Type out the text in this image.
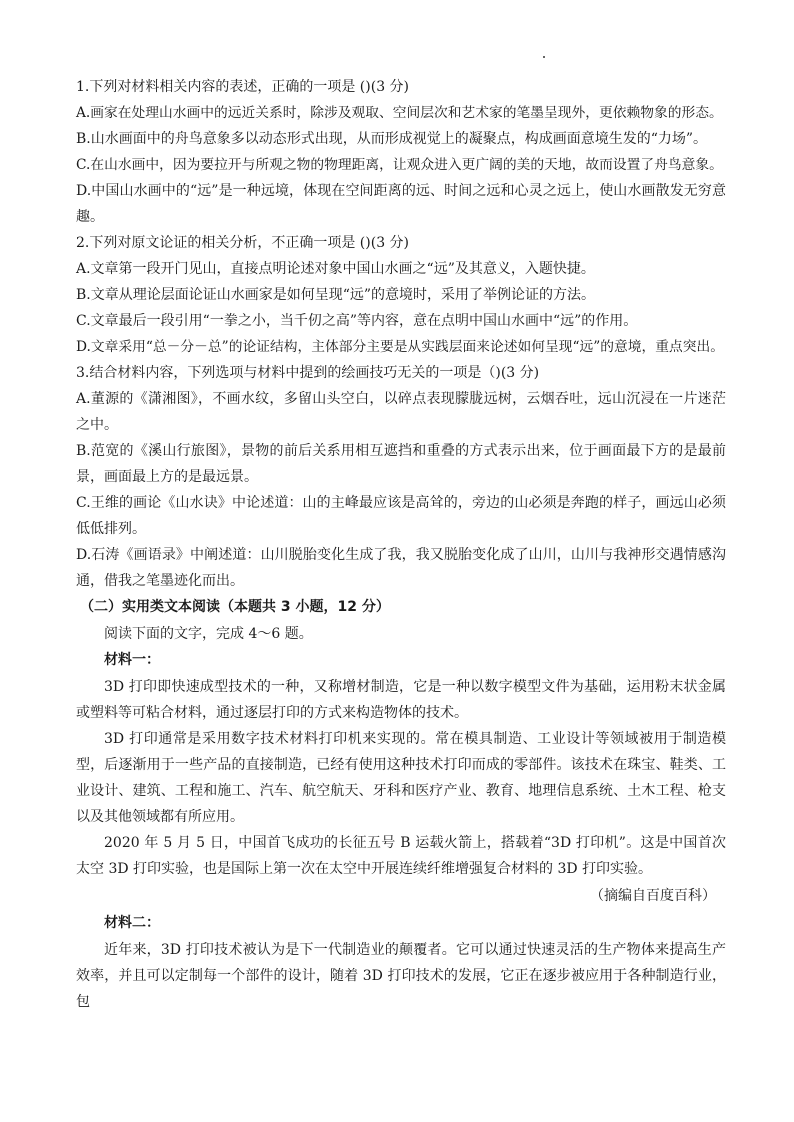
1.下列对材料相关内容的表述，正确的一项是 ()(3 分)
A.画家在处理山水画中的远近关系时，除涉及观取、空间层次和艺术家的笔墨呈现外，更依赖物象的形态。
B.山水画面中的舟鸟意象多以动态形式出现，从而形成视觉上的凝聚点，构成画面意境生发的“力场”。
C.在山水画中，因为要拉开与所观之物的物理距离，让观众进入更广阔的美的天地，故而设置了舟鸟意象。
D.中国山水画中的“远”是一种远境，体现在空间距离的远、时间之远和心灵之远上，使山水画散发无穷意趣。
2.下列对原文论证的相关分析，不正确一项是 ()(3 分)
A.文章第一段开门见山，直接点明论述对象中国山水画之“远”及其意义，入题快捷。
B.文章从理论层面论证山水画家是如何呈现“远”的意境时，采用了举例论证的方法。
C.文章最后一段引用“一拳之小，当千仞之高”等内容，意在点明中国山水画中“远”的作用。
D.文章采用“总－分－总”的论证结构，主体部分主要是从实践层面来论述如何呈现“远”的意境，重点突出。
3.结合材料内容，下列选项与材料中提到的绘画技巧无关的一项是（)(3 分)
A.董源的《潇湘图》，不画水纹，多留山头空白，以碎点表现朦胧远树，云烟吞吐，远山沉浸在一片迷茫之中。
B.范宽的《溪山行旅图》，景物的前后关系用相互遮挡和重叠的方式表示出来，位于画面最下方的是最前景，画面最上方的是最远景。
C.王维的画论《山水诀》中论述道：山的主峰最应该是高耸的，旁边的山必须是奔跑的样子，画远山必须低低排列。
D.石涛《画语录》中阐述道：山川脱胎变化生成了我，我又脱胎变化成了山川，山川与我神形交遇情感沟通，借我之笔墨迹化而出。
（二）实用类文本阅读（本题共 3 小题，12 分）
阅读下面的文字，完成 4～6 题。
材料一：
3D 打印即快速成型技术的一种，又称增材制造，它是一种以数字模型文件为基础，运用粉末状金属或塑料等可粘合材料，通过逐层打印的方式来构造物体的技术。
3D 打印通常是采用数字技术材料打印机来实现的。常在模具制造、工业设计等领域被用于制造模型，后逐渐用于一些产品的直接制造，已经有使用这种技术打印而成的零部件。该技术在珠宝、鞋类、工业设计、建筑、工程和施工、汽车、航空航天、牙科和医疗产业、教育、地理信息系统、土木工程、枪支以及其他领域都有所应用。
2020 年 5 月 5 日，中国首飞成功的长征五号 B 运载火箭上，搭载着“3D 打印机”。这是中国首次太空 3D 打印实验，也是国际上第一次在太空中开展连续纤维增强复合材料的 3D 打印实验。
（摘编自百度百科）
材料二：
近年来，3D 打印技术被认为是下一代制造业的颠覆者。它可以通过快速灵活的生产物体来提高生产效率，并且可以定制每一个部件的设计，随着 3D 打印技术的发展，它正在逐步被应用于各种制造行业，包
